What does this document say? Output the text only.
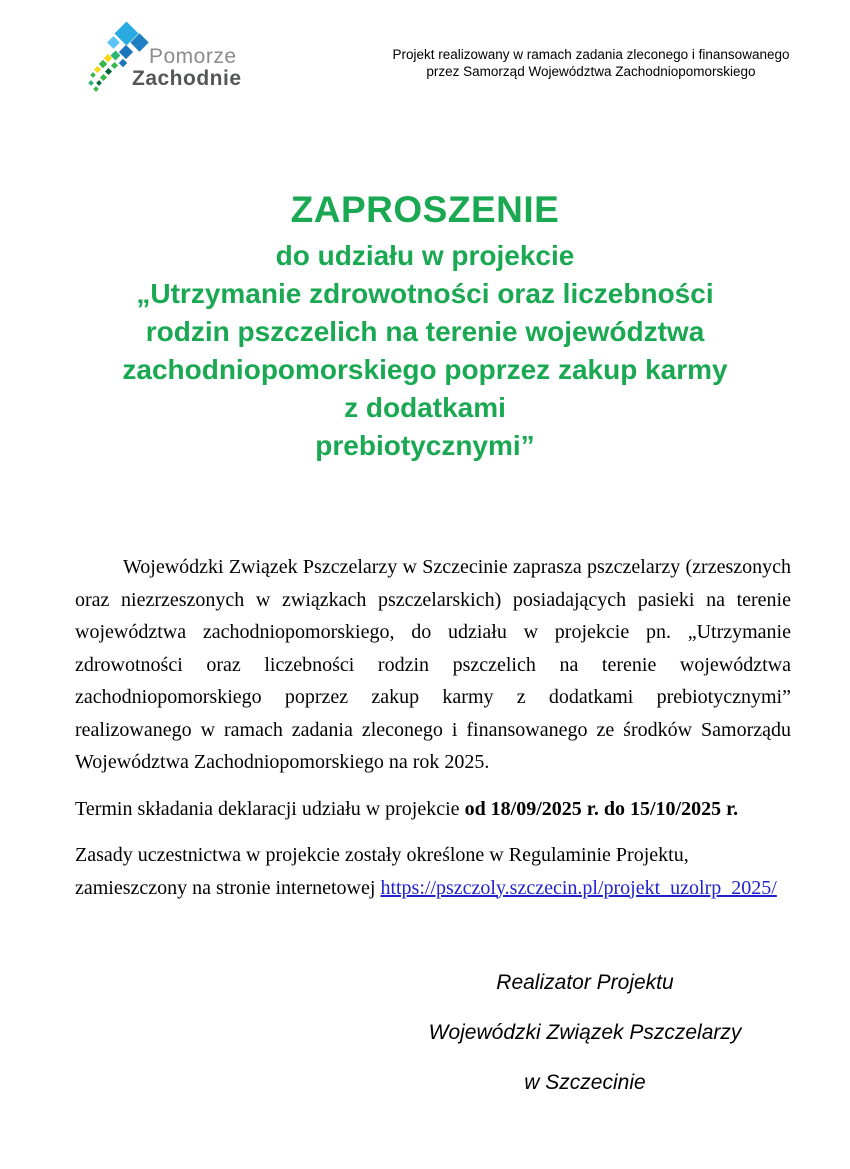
Pomorze
Zachodnie
Projekt realizowany w ramach zadania zleconego i finansowanego
przez Samorząd Województwa Zachodniopomorskiego
ZAPROSZENIE
do udziału w projekcie
„Utrzymanie zdrowotności oraz liczebności
rodzin pszczelich na terenie województwa
zachodniopomorskiego poprzez zakup karmy
z dodatkami
prebiotycznymi”

Wojewódzki Związek Pszczelarzy w Szczecinie zaprasza pszczelarzy (zrzeszonych oraz niezrzeszonych w związkach pszczelarskich) posiadających pasieki na terenie województwa zachodniopomorskiego, do udziału w projekcie pn. „Utrzymanie zdrowotności oraz liczebności rodzin pszczelich na terenie województwa zachodniopomorskiego poprzez zakup karmy z dodatkami prebiotycznymi” realizowanego w ramach zadania zleconego i finansowanego ze środków Samorządu Województwa Zachodniopomorskiego na rok 2025.

Termin składania deklaracji udziału w projekcie od 18/09/2025 r. do 15/10/2025 r.

Zasady uczestnictwa w projekcie zostały określone w Regulaminie Projektu, zamieszczony na stronie internetowej https://pszczoly.szczecin.pl/projekt_uzolrp_2025/

Realizator Projektu

Wojewódzki Związek Pszczelarzy

w Szczecinie
